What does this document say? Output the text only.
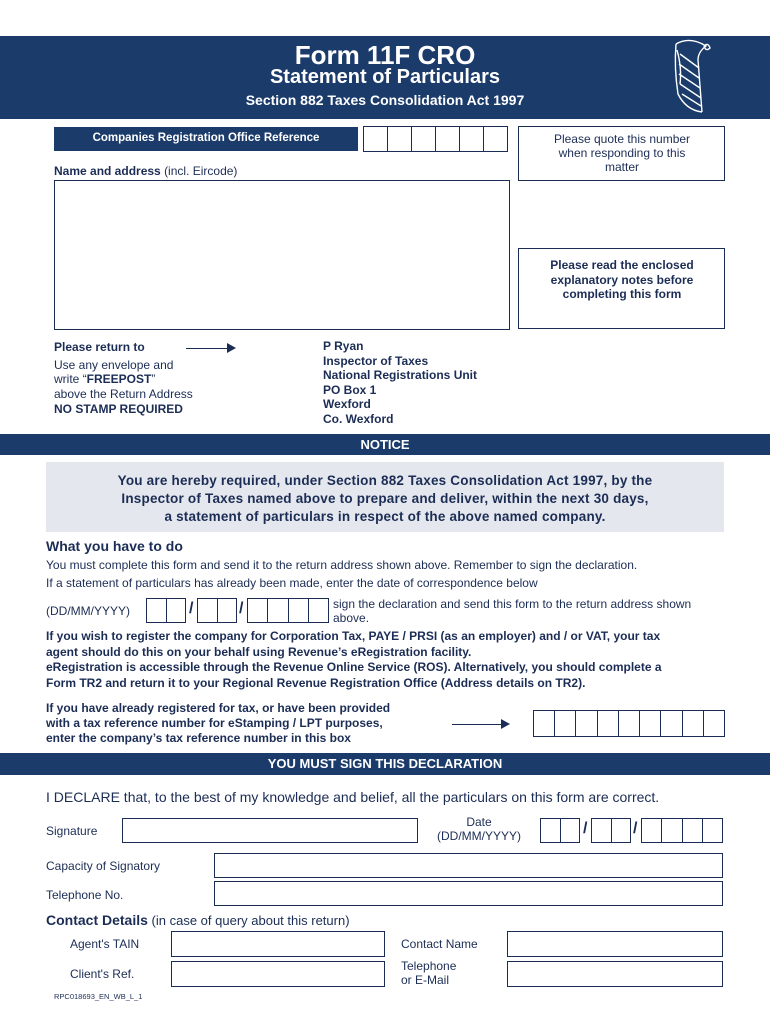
Form 11F CRO
Statement of Particulars
Section 882 Taxes Consolidation Act 1997
Companies Registration Office Reference	Please quote this number when responding to this matter
Name and address (incl. Eircode)
Please read the enclosed explanatory notes before completing this form
Please return to
Use any envelope and
write “FREEPOST”
above the Return Address
NO STAMP REQUIRED
P Ryan
Inspector of Taxes
National Registrations Unit
PO Box 1
Wexford
Co. Wexford
NOTICE
You are hereby required, under Section 882 Taxes Consolidation Act 1997, by the
Inspector of Taxes named above to prepare and deliver, within the next 30 days,
a statement of particulars in respect of the above named company.
What you have to do
You must complete this form and send it to the return address shown above. Remember to sign the declaration.
If a statement of particulars has already been made, enter the date of correspondence below
(DD/MM/YYYY)	/	/	sign the declaration and send this form to the return address shown
above.
If you wish to register the company for Corporation Tax, PAYE / PRSI (as an employer) and / or VAT, your tax
agent should do this on your behalf using Revenue’s eRegistration facility.
eRegistration is accessible through the Revenue Online Service (ROS). Alternatively, you should complete a
Form TR2 and return it to your Regional Revenue Registration Office (Address details on TR2).
If you have already registered for tax, or have been provided
with a tax reference number for eStamping / LPT purposes,
enter the company’s tax reference number in this box
YOU MUST SIGN THIS DECLARATION
I DECLARE that, to the best of my knowledge and belief, all the particulars on this form are correct.
Signature
Date
(DD/MM/YYYY)	/	/
Capacity of Signatory
Telephone No.
Contact Details (in case of query about this return)
Agent's TAIN	Contact Name
Client's Ref.
Telephone
or E-Mail
RPC018693_EN_WB_L_1
